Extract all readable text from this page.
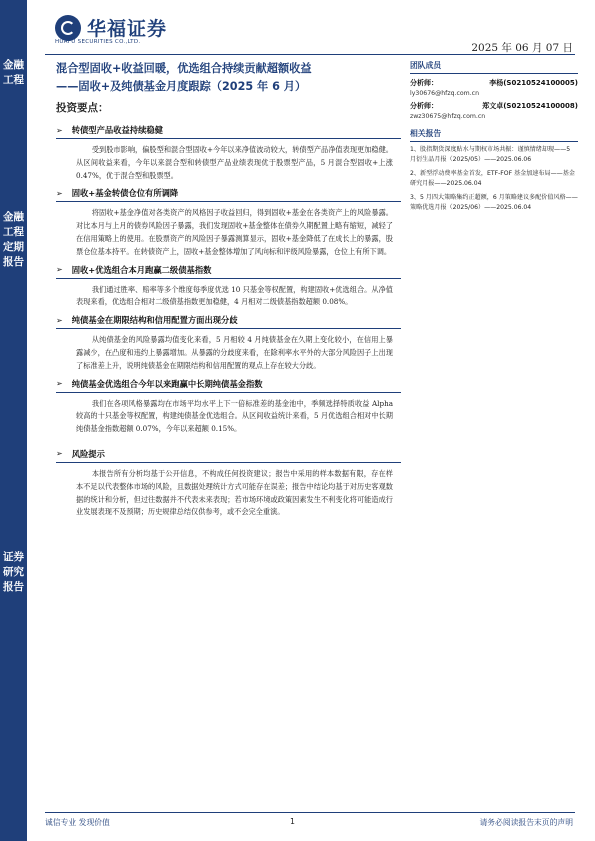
金融工程
金融工程定期报告
证券研究报告
华福证券
HUAFU SECURITIES CO.,LTD.	2025 年 06 月 07 日
混合型固收+收益回暖，优选组合持续贡献超额收益
——固收+及纯债基金月度跟踪（2025 年 6 月）
投资要点：
➢ 转债型产品收益持续稳健

受到股市影响，偏股型和混合型固收+今年以来净值波动较大，转债型产品净值表现更加稳健。从区间收益来看，今年以来混合型和转债型产品业绩表现优于股票型产品，5 月混合型固收+上涨 0.47%，优于混合型和股票型。

➢ 固收+基金转债仓位有所调降

将固收+基金净值对各类资产的风格因子收益回归，得到固收+基金在各类资产上的风险暴露。对比本月与上月的债券风险因子暴露，我们发现固收+基金整体在债券久期配置上略有缩短，减轻了在信用策略上的使用。在股票资产的风险因子暴露测算显示，固收+基金降低了在成长上的暴露，股票仓位基本持平。在转债资产上，固收+基金整体增加了风向标和评级风险暴露，仓位上有所下调。

➢ 固收+优选组合本月跑赢二级债基指数

我们通过胜率、赔率等多个维度每季度优选 10 只基金等权配置，构建固收+优选组合。从净值表现来看，优选组合相对二级债基指数更加稳健，4 月相对二级债基指数超额 0.08%。

➢ 纯债基金在期限结构和信用配置方面出现分歧

从纯债基金的风险暴露均值变化来看，5 月相较 4 月纯债基金在久期上变化较小，在信用上暴露减少，在凸度和违约上暴露增加。从暴露的分歧度来看，在除利率水平外的大部分风险因子上出现了标准差上升，说明纯债基金在期限结构和信用配置的观点上存在较大分歧。

➢ 纯债基金优选组合今年以来跑赢中长期纯债基金指数

我们在各项风格暴露均在市场平均水平上下一倍标准差的基金池中，季频选择特质收益 Alpha 较高的十只基金等权配置，构建纯债基金优选组合。从区间收益统计来看，5 月优选组合相对中长期纯债基金指数超额 0.07%，今年以来超额 0.15%。

➢ 风险提示

本报告所有分析均基于公开信息，不构成任何投资建议；报告中采用的样本数据有限，存在样本不足以代表整体市场的风险，且数据处理统计方式可能存在误差；报告中结论均基于对历史客观数据的统计和分析，但过往数据并不代表未来表现；若市场环境或政策因素发生不利变化将可能造成行业发展表现不及预期；历史规律总结仅供参考，或不会完全重演。

团队成员
分析师：	李杨(S0210524100005)
ly30676@hfzq.com.cn
分析师：	郑文卓(S0210524100008)
zwz30675@hfzq.com.cn
相关报告
1、股指期货深度贴水与期权市场共振：谨慎情绪却现——5 月衍生品月报（2025/05）——2025.06.06
2、新型浮动费率基金首发，ETF-FOF 基金加速布局——基金研究月报——2025.06.04
3、5 月四大策略集约正超额，6 月策略建议多配价值风格——策略优选月报（2025/06）——2025.06.04
诚信专业 发现价值	1	请务必阅读报告末页的声明
